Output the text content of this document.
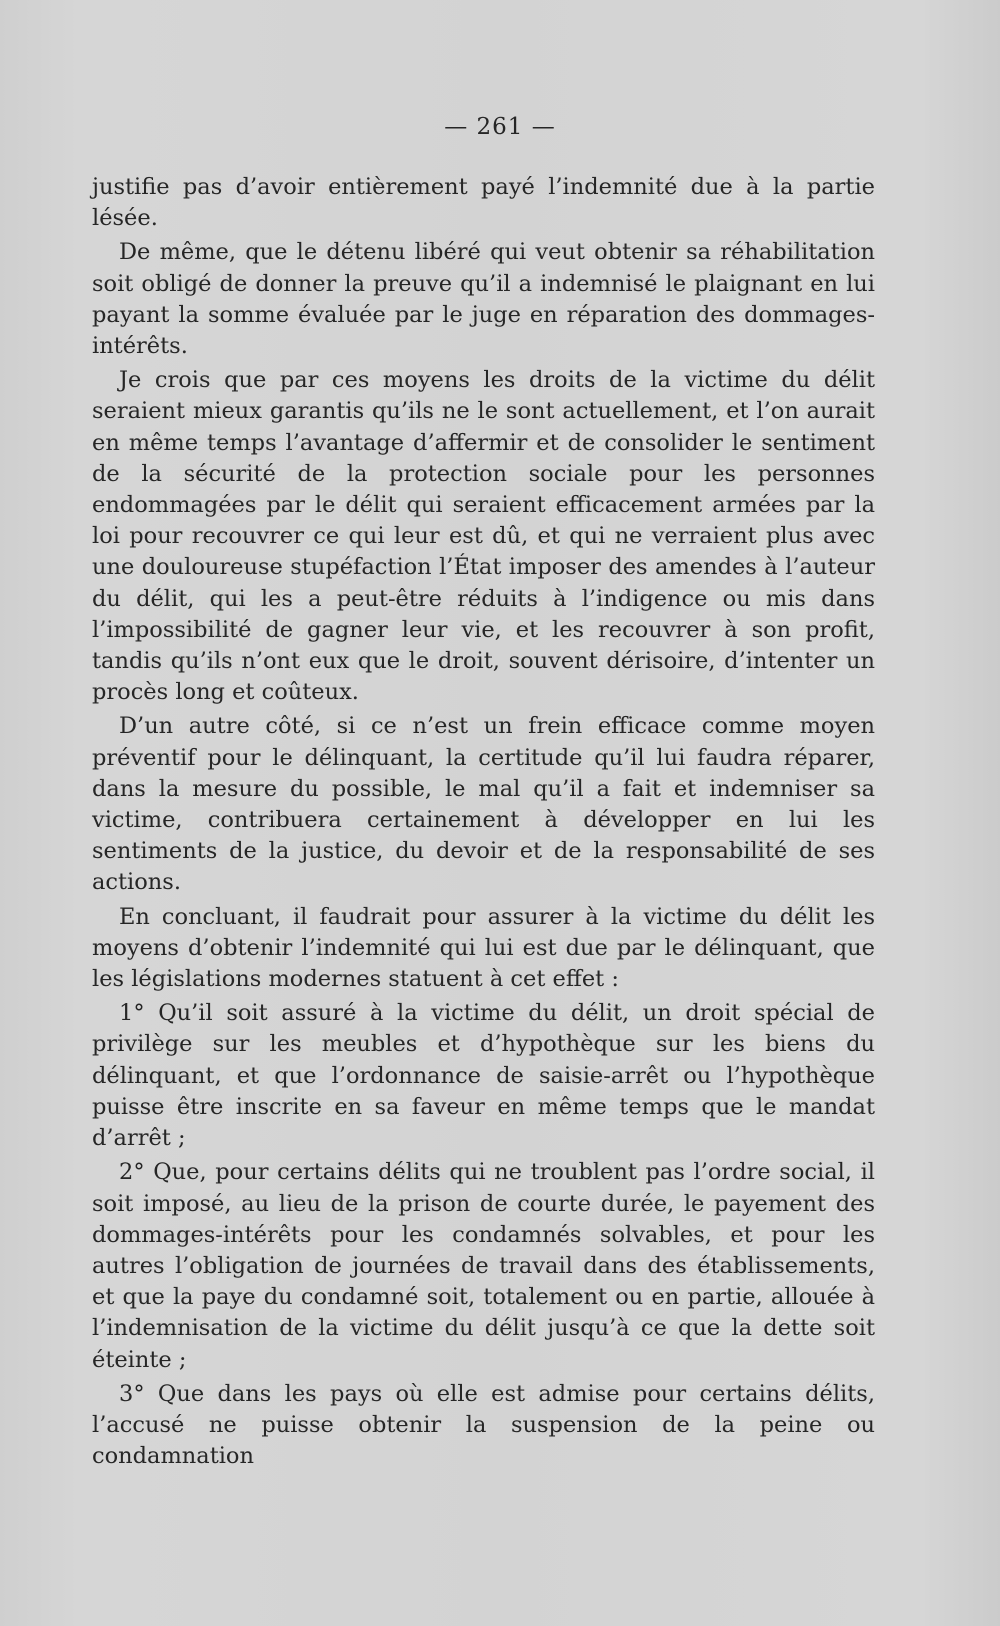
— 261 —

justifie pas d’avoir entièrement payé l’indemnité due à la partie lésée.

De même, que le détenu libéré qui veut obtenir sa réhabilitation soit obligé de donner la preuve qu’il a indemnisé le plaignant en lui payant la somme évaluée par le juge en réparation des dommages-intérêts.

Je crois que par ces moyens les droits de la victime du délit seraient mieux garantis qu’ils ne le sont actuellement, et l’on aurait en même temps l’avantage d’affermir et de consolider le sentiment de la sécurité de la protection sociale pour les personnes endommagées par le délit qui seraient efficacement armées par la loi pour recouvrer ce qui leur est dû, et qui ne verraient plus avec une douloureuse stupéfaction l’État imposer des amendes à l’auteur du délit, qui les a peut-être réduits à l’indigence ou mis dans l’impossibilité de gagner leur vie, et les recouvrer à son profit, tandis qu’ils n’ont eux que le droit, souvent dérisoire, d’intenter un procès long et coûteux.

D’un autre côté, si ce n’est un frein efficace comme moyen préventif pour le délinquant, la certitude qu’il lui faudra réparer, dans la mesure du possible, le mal qu’il a fait et indemniser sa victime, contribuera certainement à développer en lui les sentiments de la justice, du devoir et de la responsabilité de ses actions.

En concluant, il faudrait pour assurer à la victime du délit les moyens d’obtenir l’indemnité qui lui est due par le délinquant, que les législations modernes statuent à cet effet :

1° Qu’il soit assuré à la victime du délit, un droit spécial de privilège sur les meubles et d’hypothèque sur les biens du délinquant, et que l’ordonnance de saisie-arrêt ou l’hypothèque puisse être inscrite en sa faveur en même temps que le mandat d’arrêt ;

2° Que, pour certains délits qui ne troublent pas l’ordre social, il soit imposé, au lieu de la prison de courte durée, le payement des dommages-intérêts pour les condamnés solvables, et pour les autres l’obligation de journées de travail dans des établissements, et que la paye du condamné soit, totalement ou en partie, allouée à l’indemnisation de la victime du délit jusqu’à ce que la dette soit éteinte ;

3° Que dans les pays où elle est admise pour certains délits, l’accusé ne puisse obtenir la suspension de la peine ou condamnation
